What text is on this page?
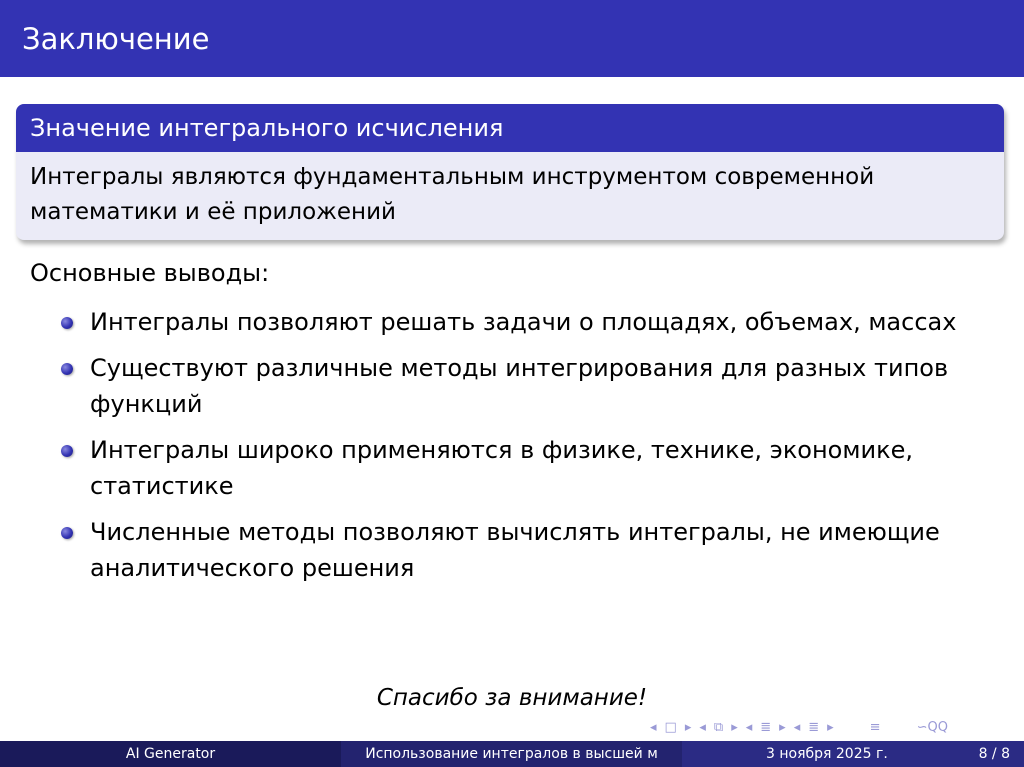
Заключение
Значение интегрального исчисления
Интегралы являются фундаментальным инструментом современной математики и её приложений
Основные выводы:
Интегралы позволяют решать задачи о площадях, объемах, массах
Существуют различные методы интегрирования для разных типов функций
Интегралы широко применяются в физике, технике, экономике, статистике
Численные методы позволяют вычислять интегралы, не имеющие аналитического решения
Спасибо за внимание!
◂ □ ▸ ◂ ⧉ ▸ ◂ ≣ ▸ ◂ ≣ ▸	≡	∽QQ
AI Generator	Использование интегралов в высшей м	3 ноября 2025 г.	8 / 8
